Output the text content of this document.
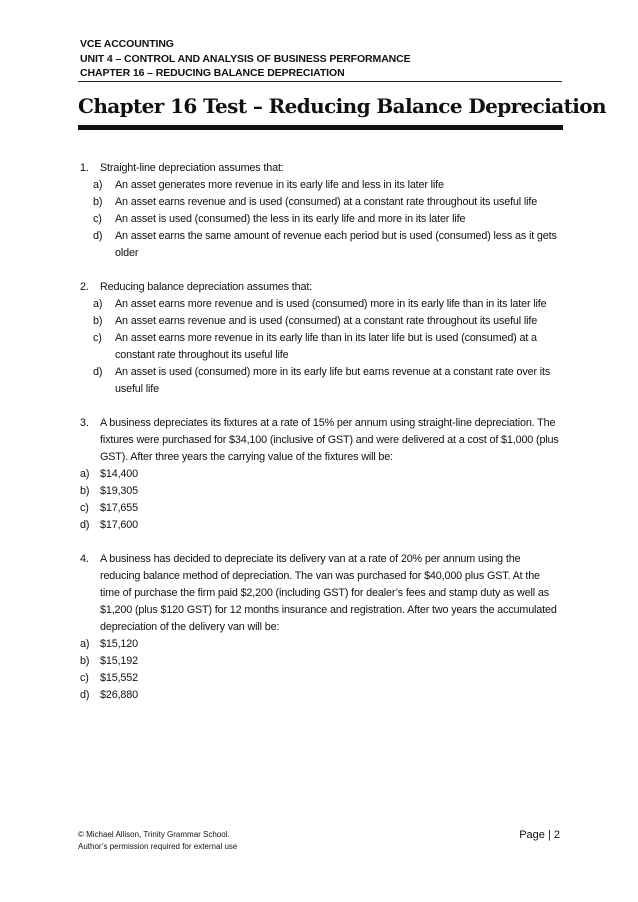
VCE ACCOUNTING
UNIT 4 – CONTROL AND ANALYSIS OF BUSINESS PERFORMANCE
CHAPTER 16 – REDUCING BALANCE DEPRECIATION
Chapter 16 Test – Reducing Balance Depreciation
1. Straight-line depreciation assumes that:
a) An asset generates more revenue in its early life and less in its later life
b) An asset earns revenue and is used (consumed) at a constant rate throughout its useful life
c) An asset is used (consumed) the less in its early life and more in its later life
d) An asset earns the same amount of revenue each period but is used (consumed) less as it gets older
2. Reducing balance depreciation assumes that:
a) An asset earns more revenue and is used (consumed) more in its early life than in its later life
b) An asset earns revenue and is used (consumed) at a constant rate throughout its useful life
c) An asset earns more revenue in its early life than in its later life but is used (consumed) at a constant rate throughout its useful life
d) An asset is used (consumed) more in its early life but earns revenue at a constant rate over its useful life
3. A business depreciates its fixtures at a rate of 15% per annum using straight-line depreciation. The fixtures were purchased for $34,100 (inclusive of GST) and were delivered at a cost of $1,000 (plus GST). After three years the carrying value of the fixtures will be:
a) $14,400
b) $19,305
c) $17,655
d) $17,600
4. A business has decided to depreciate its delivery van at a rate of 20% per annum using the reducing balance method of depreciation. The van was purchased for $40,000 plus GST. At the time of purchase the firm paid $2,200 (including GST) for dealer’s fees and stamp duty as well as $1,200 (plus $120 GST) for 12 months insurance and registration. After two years the accumulated depreciation of the delivery van will be:
a) $15,120
b) $15,192
c) $15,552
d) $26,880
© Michael Allison, Trinity Grammar School.
Author’s permission required for external use
Page | 2
